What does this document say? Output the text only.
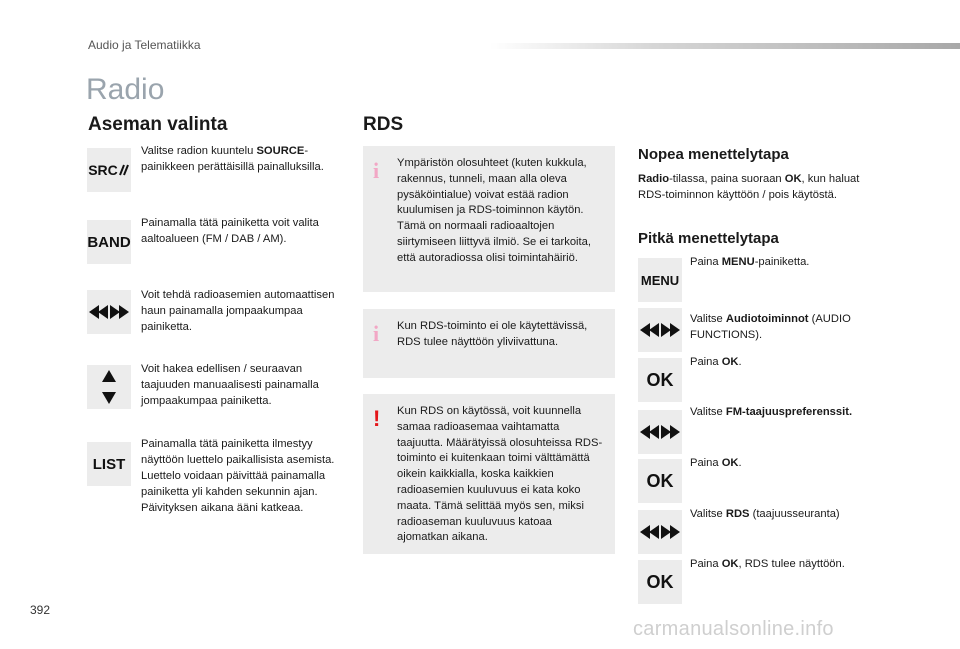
Audio ja Telematiikka
Radio
Aseman valinta
SRC
Valitse radion kuuntelu SOURCE-painikkeen perättäisillä painalluksilla.
BAND
Painamalla tätä painiketta voit valita aaltoalueen (FM / DAB / AM).
Voit tehdä radioasemien automaattisen haun painamalla jompaakumpaa painiketta.
Voit hakea edellisen / seuraavan taajuuden manuaalisesti painamalla jompaakumpaa painiketta.
LIST
Painamalla tätä painiketta ilmestyy näyttöön luettelo paikallisista asemista.
Luettelo voidaan päivittää painamalla painiketta yli kahden sekunnin ajan. Päivityksen aikana ääni katkeaa.
RDS
i Ympäristön olosuhteet (kuten kukkula, rakennus, tunneli, maan alla oleva pysäköintialue) voivat estää radion kuulumisen ja RDS-toiminnon käytön. Tämä on normaali radioaaltojen siirtymiseen liittyvä ilmiö. Se ei tarkoita, että autoradiossa olisi toimintahäiriö.
i Kun RDS-toiminto ei ole käytettävissä, RDS tulee näyttöön yliviivattuna.
! Kun RDS on käytössä, voit kuunnella samaa radioasemaa vaihtamatta taajuutta. Määrätyissä olosuhteissa RDS-toiminto ei kuitenkaan toimi välttämättä oikein kaikkialla, koska kaikkien radioasemien kuuluvuus ei kata koko maata. Tämä selittää myös sen, miksi radioaseman kuuluvuus katoaa ajomatkan aikana.
Nopea menettelytapa
Radio-tilassa, paina suoraan OK, kun haluat RDS-toiminnon käyttöön / pois käytöstä.
Pitkä menettelytapa
MENU
Paina MENU-painiketta.
Valitse Audiotoiminnot (AUDIO FUNCTIONS).
OK
Paina OK.
Valitse FM-taajuuspreferenssit.
OK
Paina OK.
Valitse RDS (taajuusseuranta)
OK
Paina OK, RDS tulee näyttöön.
392
carmanualsonline.info
